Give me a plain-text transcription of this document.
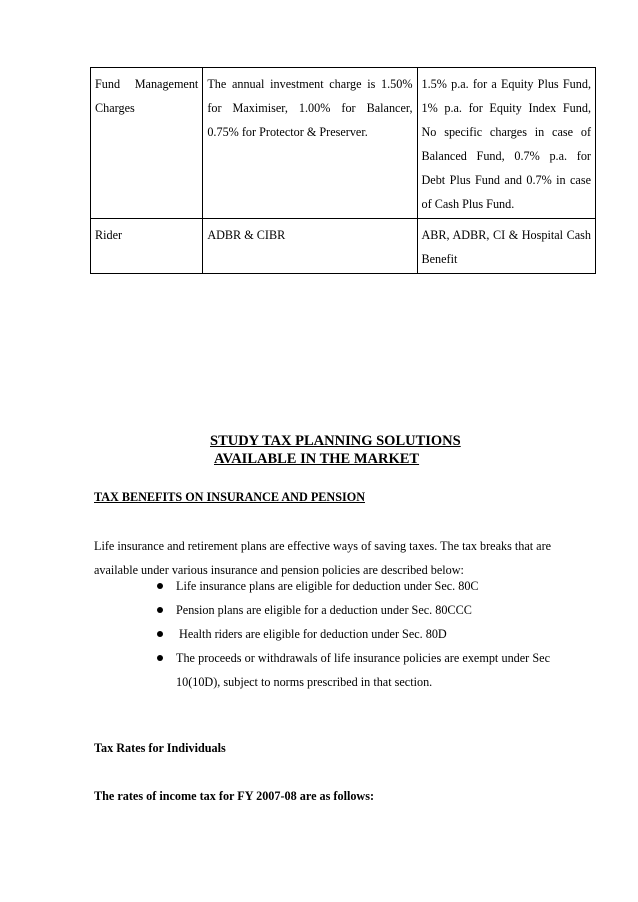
Fund Management Charges	The annual investment charge is 1.50% for Maximiser, 1.00% for Balancer, 0.75% for Protector & Preserver.	1.5% p.a. for a Equity Plus Fund, 1% p.a. for Equity Index Fund, No specific charges in case of Balanced Fund, 0.7% p.a. for Debt Plus Fund and 0.7% in case of Cash Plus Fund.
Rider	ADBR & CIBR	ABR, ADBR, CI & Hospital Cash Benefit
STUDY TAX PLANNING SOLUTIONS
AVAILABLE IN THE MARKET
TAX BENEFITS ON INSURANCE AND PENSION
Life insurance and retirement plans are effective ways of saving taxes. The tax breaks that are available under various insurance and pension policies are described below:
Life insurance plans are eligible for deduction under Sec. 80C
Pension plans are eligible for a deduction under Sec. 80CCC
Health riders are eligible for deduction under Sec. 80D
The proceeds or withdrawals of life insurance policies are exempt under Sec 10(10D), subject to norms prescribed in that section.
Tax Rates for Individuals
The rates of income tax for FY 2007-08 are as follows:
